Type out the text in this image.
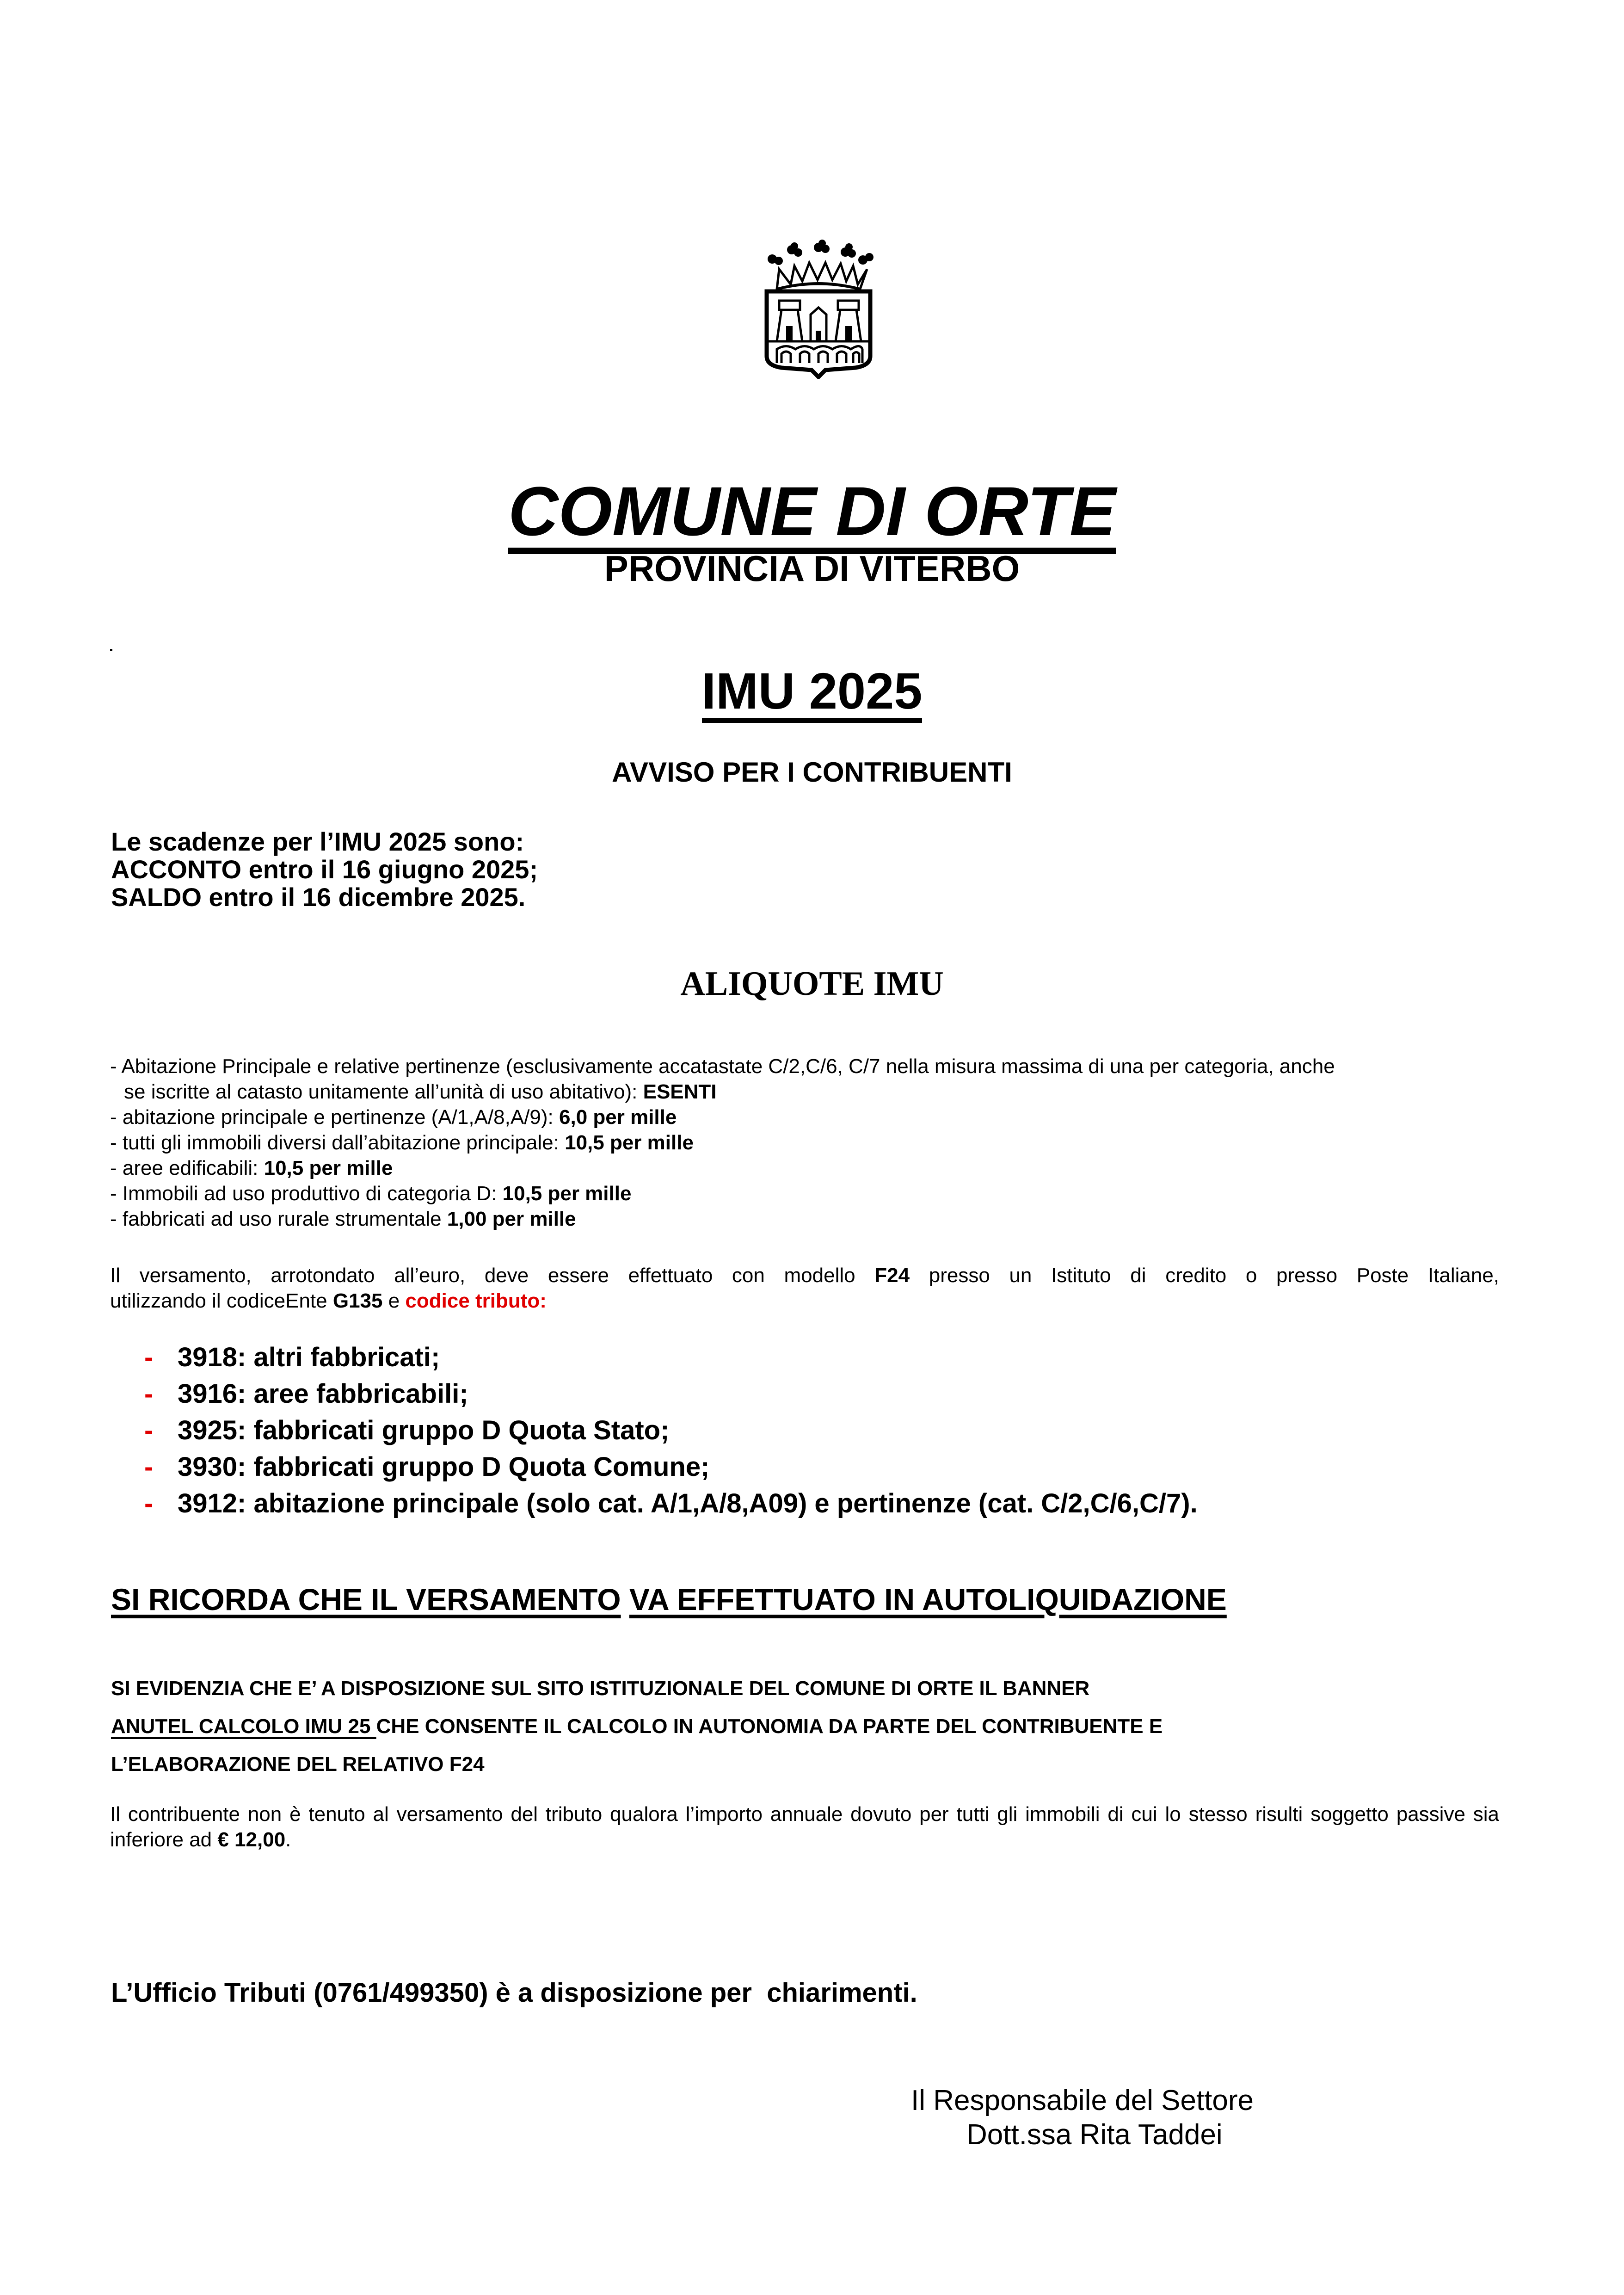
COMUNE DI ORTE
PROVINCIA DI VITERBO
IMU 2025
AVVISO PER I CONTRIBUENTI
Le scadenze per l’IMU 2025 sono:
ACCONTO entro il 16 giugno 2025;
SALDO entro il 16 dicembre 2025.
ALIQUOTE IMU
- Abitazione Principale e relative pertinenze (esclusivamente accatastate C/2,C/6, C/7 nella misura massima di una per categoria, anche
se iscritte al catasto unitamente all’unità di uso abitativo): ESENTI
- abitazione principale e pertinenze (A/1,A/8,A/9): 6,0 per mille
- tutti gli immobili diversi dall’abitazione principale: 10,5 per mille
- aree edificabili: 10,5 per mille
- Immobili ad uso produttivo di categoria D: 10,5 per mille
- fabbricati ad uso rurale strumentale 1,00 per mille
Il versamento, arrotondato all’euro, deve essere effettuato con modello F24 presso un Istituto di credito o presso Poste Italiane,
utilizzando il codiceEnte G135 e codice tributo:
- 3918: altri fabbricati;
- 3916: aree fabbricabili;
- 3925: fabbricati gruppo D Quota Stato;
- 3930: fabbricati gruppo D Quota Comune;
- 3912: abitazione principale (solo cat. A/1,A/8,A09) e pertinenze (cat. C/2,C/6,C/7).
SI RICORDA CHE IL VERSAMENTO VA EFFETTUATO IN AUTOLIQUIDAZIONE
SI EVIDENZIA CHE E’ A DISPOSIZIONE SUL SITO ISTITUZIONALE DEL COMUNE DI ORTE IL BANNER
ANUTEL CALCOLO IMU 25 CHE CONSENTE IL CALCOLO IN AUTONOMIA DA PARTE DEL CONTRIBUENTE E
L’ELABORAZIONE DEL RELATIVO F24
Il contribuente non è tenuto al versamento del tributo qualora l’importo annuale dovuto per tutti gli immobili di cui lo stesso risulti soggetto passive sia inferiore ad € 12,00.
L’Ufficio Tributi (0761/499350) è a disposizione per  chiarimenti.
Il Responsabile del Settore
Dott.ssa Rita Taddei
